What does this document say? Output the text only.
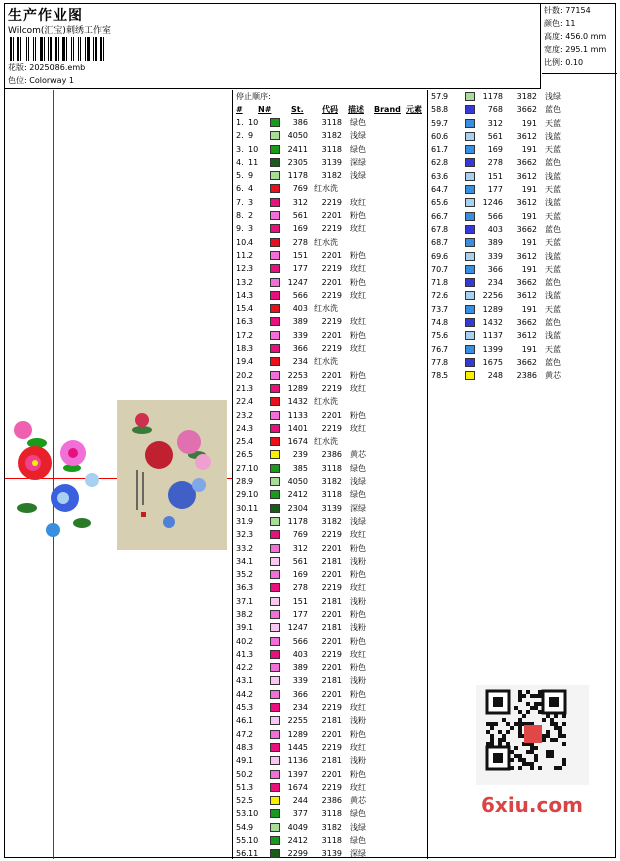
生产作业图
Wilcom(汇宝)刺绣工作室
花版: 2025086.emb
色位: Colorway 1
针数: 77154
颜色: 11
高度: 456.0 mm
宽度: 295.1 mm
比例: 0.10
停止顺序:
# N# St. 代码 描述 Brand 元素
1. 10	386	3118 绿色
2. 9	4050	3182 浅绿
3. 10	2411	3118 绿色
4. 11	2305	3139 深绿
5. 9	1178	3182 浅绿
6. 4	769 红水洗
7. 3	312	2219 玫红
8. 2	561	2201 粉色
9. 3	169	2219 玫红
10. 4	278 红水洗
11. 2	151	2201 粉色
12. 3	177	2219 玫红
13. 2	1247	2201 粉色
14. 3	566	2219 玫红
15. 4	403 红水洗
16. 3	389	2219 玫红
17. 2	339	2201 粉色
18. 3	366	2219 玫红
19. 4	234 红水洗
20. 2	2253	2201 粉色
21. 3	1289	2219 玫红
22. 4	1432 红水洗
23. 2	1133	2201 粉色
24. 3	1401	2219 玫红
25. 4	1674 红水洗
26. 5	239	2386 黄芯
27. 10	385	3118 绿色
28. 9	4050	3182 浅绿
29. 10	2412	3118 绿色
30. 11	2304	3139 深绿
31. 9	1178	3182 浅绿
32. 3	769	2219 玫红
33. 2	312	2201 粉色
34. 1	561	2181 浅粉
35. 2	169	2201 粉色
36. 3	278	2219 玫红
37. 1	151	2181 浅粉
38. 2	177	2201 粉色
39. 1	1247	2181 浅粉
40. 2	566	2201 粉色
41. 3	403	2219 玫红
42. 2	389	2201 粉色
43. 1	339	2181 浅粉
44. 2	366	2201 粉色
45. 3	234	2219 玫红
46. 1	2255	2181 浅粉
47. 2	1289	2201 粉色
48. 3	1445	2219 玫红
49. 1	1136	2181 浅粉
50. 2	1397	2201 粉色
51. 3	1674	2219 玫红
52. 5	244	2386 黄芯
53. 10	377	3118 绿色
54. 9	4049	3182 浅绿
55. 10	2412	3118 绿色
56. 11	2299	3139 深绿
57. 9	1178	3182 浅绿
58. 8	768	3662 蓝色
59. 7	312	191 天蓝
60. 6	561	3612 浅蓝
61. 7	169	191 天蓝
62. 8	278	3662 蓝色
63. 6	151	3612 浅蓝
64. 7	177	191 天蓝
65. 6	1246	3612 浅蓝
66. 7	566	191 天蓝
67. 8	403	3662 蓝色
68. 7	389	191 天蓝
69. 6	339	3612 浅蓝
70. 7	366	191 天蓝
71. 8	234	3662 蓝色
72. 6	2256	3612 浅蓝
73. 7	1289	191 天蓝
74. 8	1432	3662 蓝色
75. 6	1137	3612 浅蓝
76. 7	1399	191 天蓝
77. 8	1675	3662 蓝色
78. 5	248	2386 黄芯
6xiu.com
